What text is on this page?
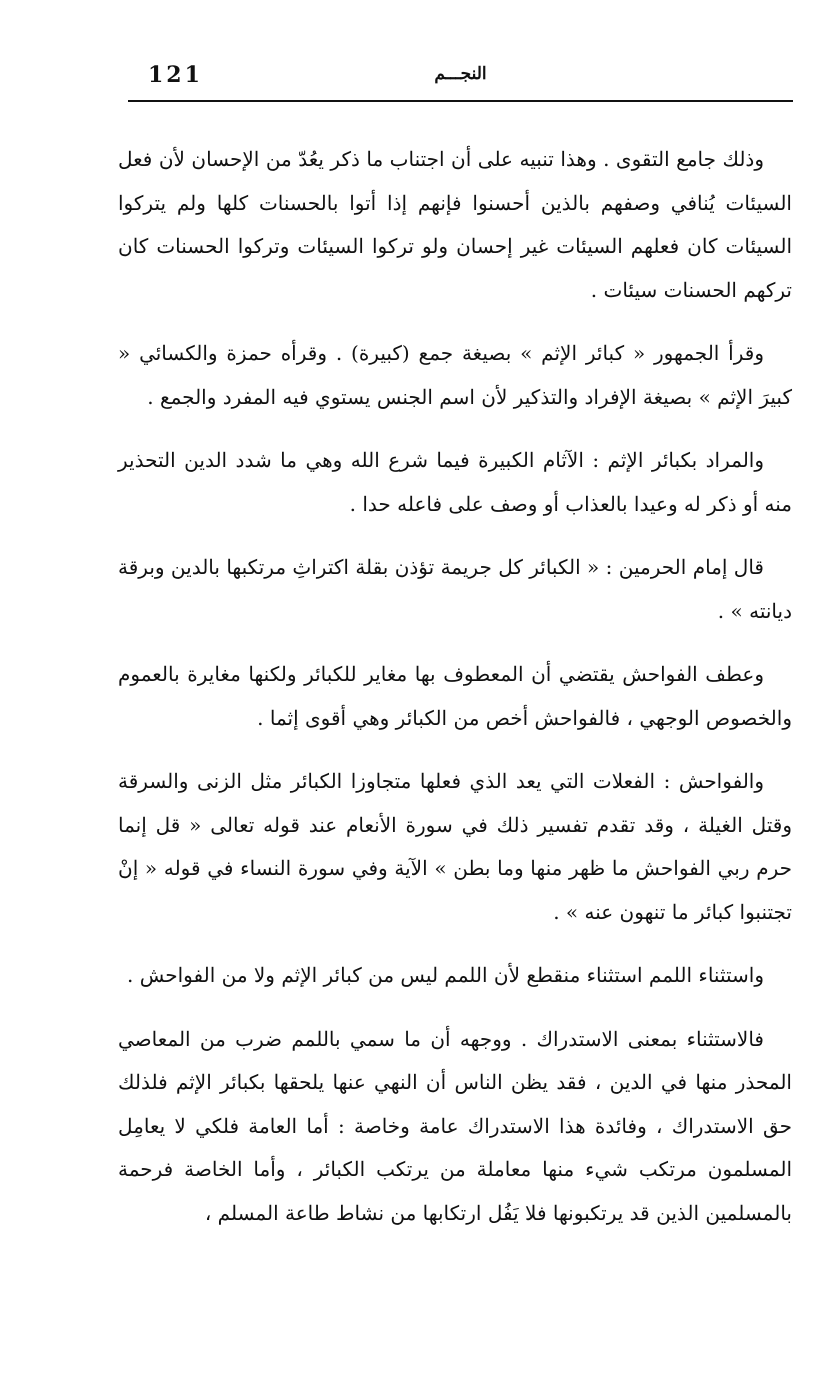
121	النجـــم

وذلك جامع التقوى . وهذا تنبيه على أن اجتناب ما ذكر يعُدّ من الإحسان لأن فعل السيئات يُنافي وصفهم بالذين أحسنوا فإنهم إذا أتوا بالحسنات كلها ولم يتركوا السيئات كان فعلهم السيئات غير إحسان ولو تركوا السيئات وتركوا الحسنات كان تركهم الحسنات سيئات .

وقرأ الجمهور « كبائر الإثم » بصيغة جمع (كبيرة) . وقرأه حمزة والكسائي « كبيرَ الإثم » بصيغة الإفراد والتذكير لأن اسم الجنس يستوي فيه المفرد والجمع .

والمراد بكبائر الإثم : الآثام الكبيرة فيما شرع الله وهي ما شدد الدين التحذير منه أو ذكر له وعيدا بالعذاب أو وصف على فاعله حدا .

قال إمام الحرمين : « الكبائر كل جريمة تؤذن بقلة اكتراثِ مرتكبها بالدين وبرقة ديانته » .

وعطف الفواحش يقتضي أن المعطوف بها مغاير للكبائر ولكنها مغايرة بالعموم والخصوص الوجهي ، فالفواحش أخص من الكبائر وهي أقوى إثما .

والفواحش : الفعلات التي يعد الذي فعلها متجاوزا الكبائر مثل الزنى والسرقة وقتل الغيلة ، وقد تقدم تفسير ذلك في سورة الأنعام عند قوله تعالى « قل إنما حرم ربي الفواحش ما ظهر منها وما بطن » الآية وفي سورة النساء في قوله « إنْ تجتنبوا كبائر ما تنهون عنه » .

واستثناء اللمم استثناء منقطع لأن اللمم ليس من كبائر الإثم ولا من الفواحش .

فالاستثناء بمعنى الاستدراك . ووجهه أن ما سمي باللمم ضرب من المعاصي المحذر منها في الدين ، فقد يظن الناس أن النهي عنها يلحقها بكبائر الإثم فلذلك حق الاستدراك ، وفائدة هذا الاستدراك عامة وخاصة : أما العامة فلكي لا يعامِل المسلمون مرتكب شيء منها معاملة من يرتكب الكبائر ، وأما الخاصة فرحمة بالمسلمين الذين قد يرتكبونها فلا يَفُل ارتكابها من نشاط طاعة المسلم ،
